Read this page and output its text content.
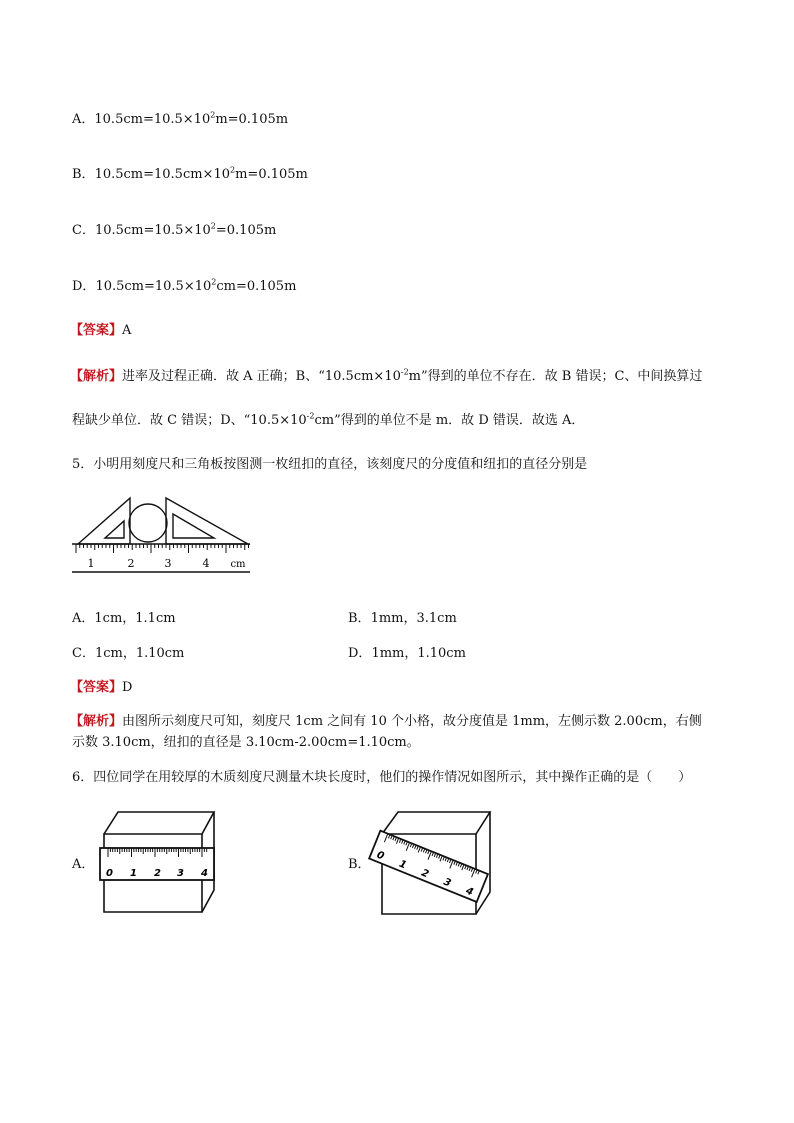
A．$10.5cm=10.5\times 10^2m=0.105m$
B．$10.5cm=10.5cm\times 10^2m=0.105m$
C．$10.5cm=10.5\times 10^2=0.105m$
D．$10.5cm=10.5\times 10^2cm=0.105m$
【答案】A
【解析】进率及过程正确．故 A 正确；B、“$10.5cm\times 10^{-2}m$”得到的单位不存在．故 B 错误；C、中间换算过
程缺少单位．故 C 错误；D、“$10.5\times 10^{-2}cm$”得到的单位不是 m．故 D 错误．故选 A．
5．小明用刻度尺和三角板按图测一枚纽扣的直径，该刻度尺的分度值和纽扣的直径分别是
1	2	3	4 cm
A．1cm，1.1cm	B．1mm，3.1cm
C．1cm，1.10cm	D．1mm，1.10cm
【答案】D
【解析】由图所示刻度尺可知，刻度尺 1cm 之间有 10 个小格，故分度值是 1mm，左侧示数 2.00cm，右侧
示数 3.10cm，纽扣的直径是 3.10cm-2.00cm=1.10cm。
6．四位同学在用较厚的木质刻度尺测量木块长度时，他们的操作情况如图所示，其中操作正确的是（　　）
A．
0 1 2 3 4
B．
0
1
2
3
4
